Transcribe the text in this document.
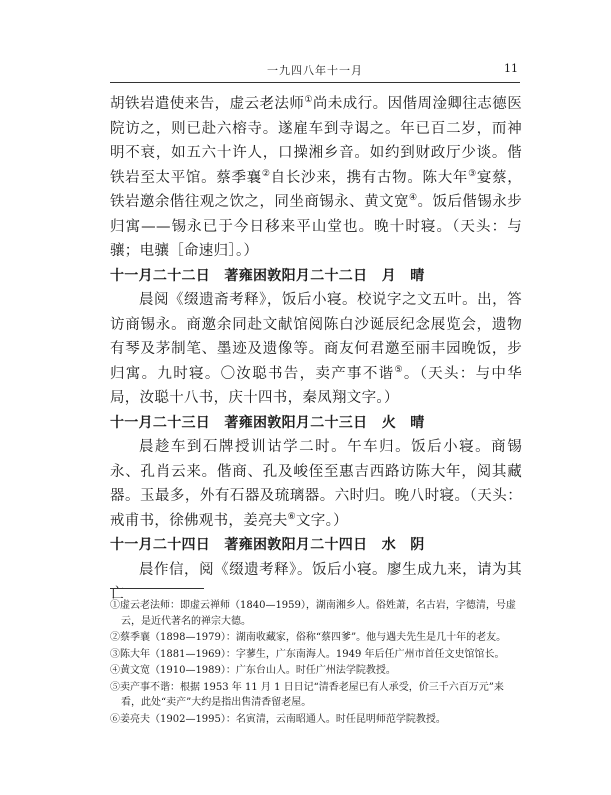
一九四八年十一月	11

胡铁岩遣使来告，虚云老法师①尚未成行。因偕周淦卿往志德医院访之，则已赴六榕寺。遂雇车到寺谒之。年已百二岁，而神明不衰，如五六十许人，口操湘乡音。如约到财政厅少谈。偕铁岩至太平馆。蔡季襄②自长沙来，携有古物。陈大年③宴蔡，铁岩邀余偕往观之饮之，同坐商锡永、黄文宽④。饭后偕锡永步归寓——锡永已于今日移来平山堂也。晚十时寝。（天头：与骧；电骧［命速归］。）

十一月二十二日　著雍困敦阳月二十二日　月　晴

晨阅《缀遗斋考释》，饭后小寝。校说字之文五叶。出，答访商锡永。商邀余同赴文献馆阅陈白沙诞辰纪念展览会，遗物有琴及茅制笔、墨迹及遗像等。商友何君邀至丽丰园晚饭，步归寓。九时寝。〇汝聪书告，卖产事不谐⑤。（天头：与中华局，汝聪十八书，庆十四书，秦凤翔文字。）

十一月二十三日　著雍困敦阳月二十三日　火　晴

晨趁车到石牌授训诂学二时。午车归。饭后小寝。商锡永、孔肖云来。偕商、孔及峻侄至惠吉西路访陈大年，阅其藏器。玉最多，外有石器及琉璃器。六时归。晚八时寝。（天头：戒甫书，徐佛观书，姜亮夫⑥文字。）

十一月二十四日　著雍困敦阳月二十四日　水　阴

晨作信，阅《缀遗考释》。饭后小寝。廖生成九来，请为其亡

①虚云老法师：即虚云禅师（1840—1959），湖南湘乡人。俗姓萧，名古岩，字德清，号虚云，是近代著名的禅宗大德。

②蔡季襄（1898—1979）：湖南收藏家，俗称“蔡四爹”。他与遇夫先生是几十年的老友。

③陈大年（1881—1969）：字蓼生，广东南海人。1949 年后任广州市首任文史馆馆长。

④黄文宽（1910—1989）：广东台山人。时任广州法学院教授。

⑤卖产事不谐：根据 1953 年 11 月 1 日日记“清香老屋已有人承受，价三千六百万元”来看，此处“卖产”大约是指出售清香留老屋。

⑥姜亮夫（1902—1995）：名寅清，云南昭通人。时任昆明师范学院教授。
